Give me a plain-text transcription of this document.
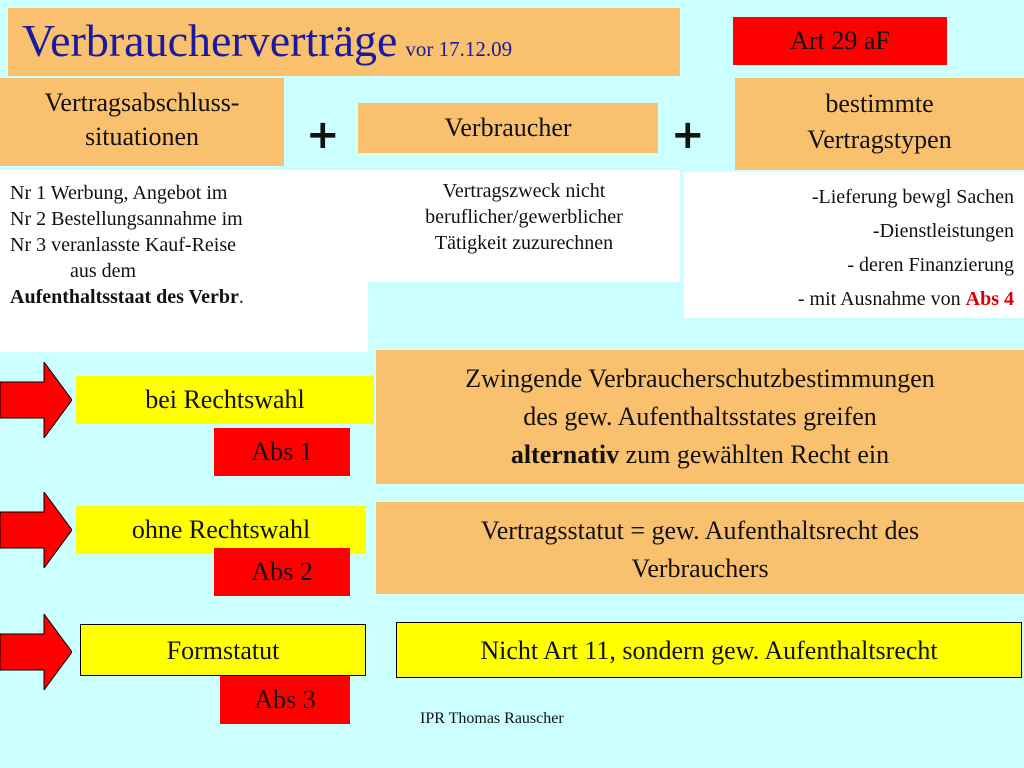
Verbraucherverträge vor 17.12.09	Art 29 aF
Vertragsabschluss-
situationen	+	Verbraucher	+
bestimmte
Vertragstypen
Nr 1 Werbung, Angebot im
Nr 2 Bestellungsannahme im
Nr 3 veranlasste Kauf-Reise
aus dem
Aufenthaltsstaat des Verbr.
Vertragszweck nicht
beruflicher/gewerblicher
Tätigkeit zuzurechnen
-Lieferung bewgl Sachen
-Dienstleistungen
- deren Finanzierung
- mit Ausnahme von Abs 4
bei Rechtswahl
Abs 1
Zwingende Verbraucherschutzbestimmungen
des gew. Aufenthaltsstates greifen
alternativ zum gewählten Recht ein
ohne Rechtswahl
Abs 2
Vertragsstatut = gew. Aufenthaltsrecht des
Verbrauchers
Formstatut
Abs 3
Nicht Art 11, sondern gew. Aufenthaltsrecht
IPR Thomas Rauscher
